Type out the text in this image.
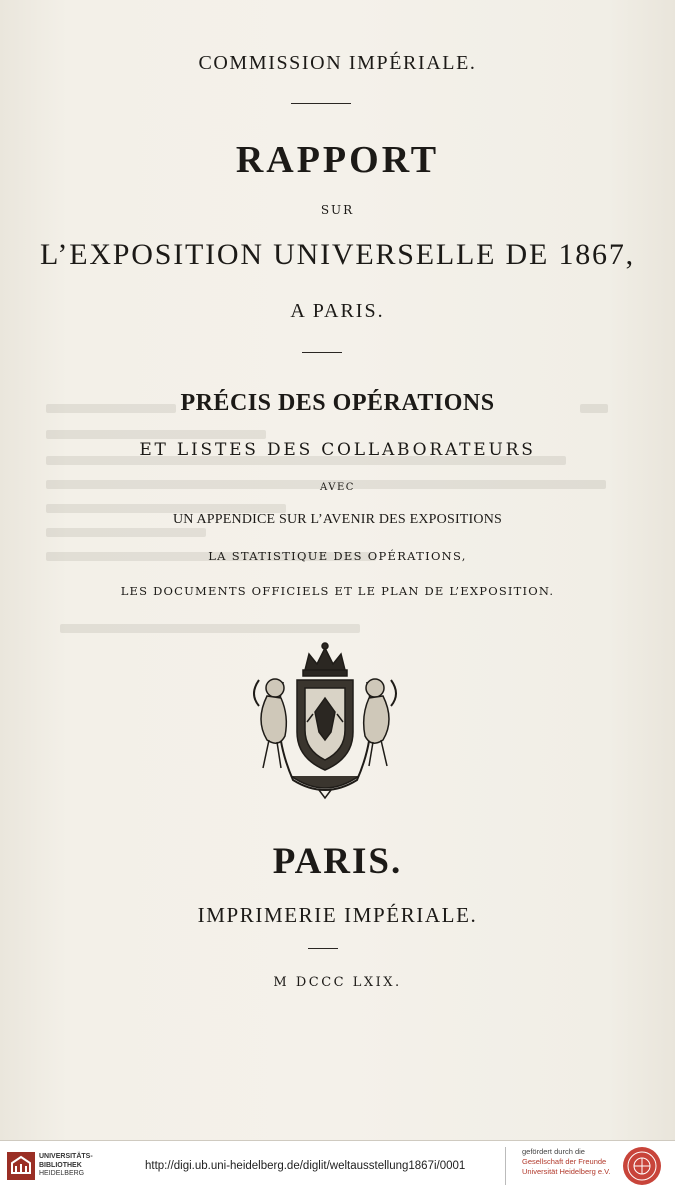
COMMISSION IMPÉRIALE.

RAPPORT

SUR

L’EXPOSITION UNIVERSELLE DE 1867,

A PARIS.

PRÉCIS DES OPÉRATIONS

ET LISTES DES COLLABORATEURS

AVEC

UN APPENDICE SUR L’AVENIR DES EXPOSITIONS

LA STATISTIQUE DES OPÉRATIONS,

LES DOCUMENTS OFFICIELS ET LE PLAN DE L’EXPOSITION.

PARIS.

IMPRIMERIE IMPÉRIALE.

M DCCC LXIX.

UNIVERSITÄTS-
BIBLIOTHEK
HEIDELBERG
http://digi.ub.uni-heidelberg.de/diglit/weltausstellung1867i/0001
gefördert durch die
Gesellschaft der Freunde
Universität Heidelberg e.V.
